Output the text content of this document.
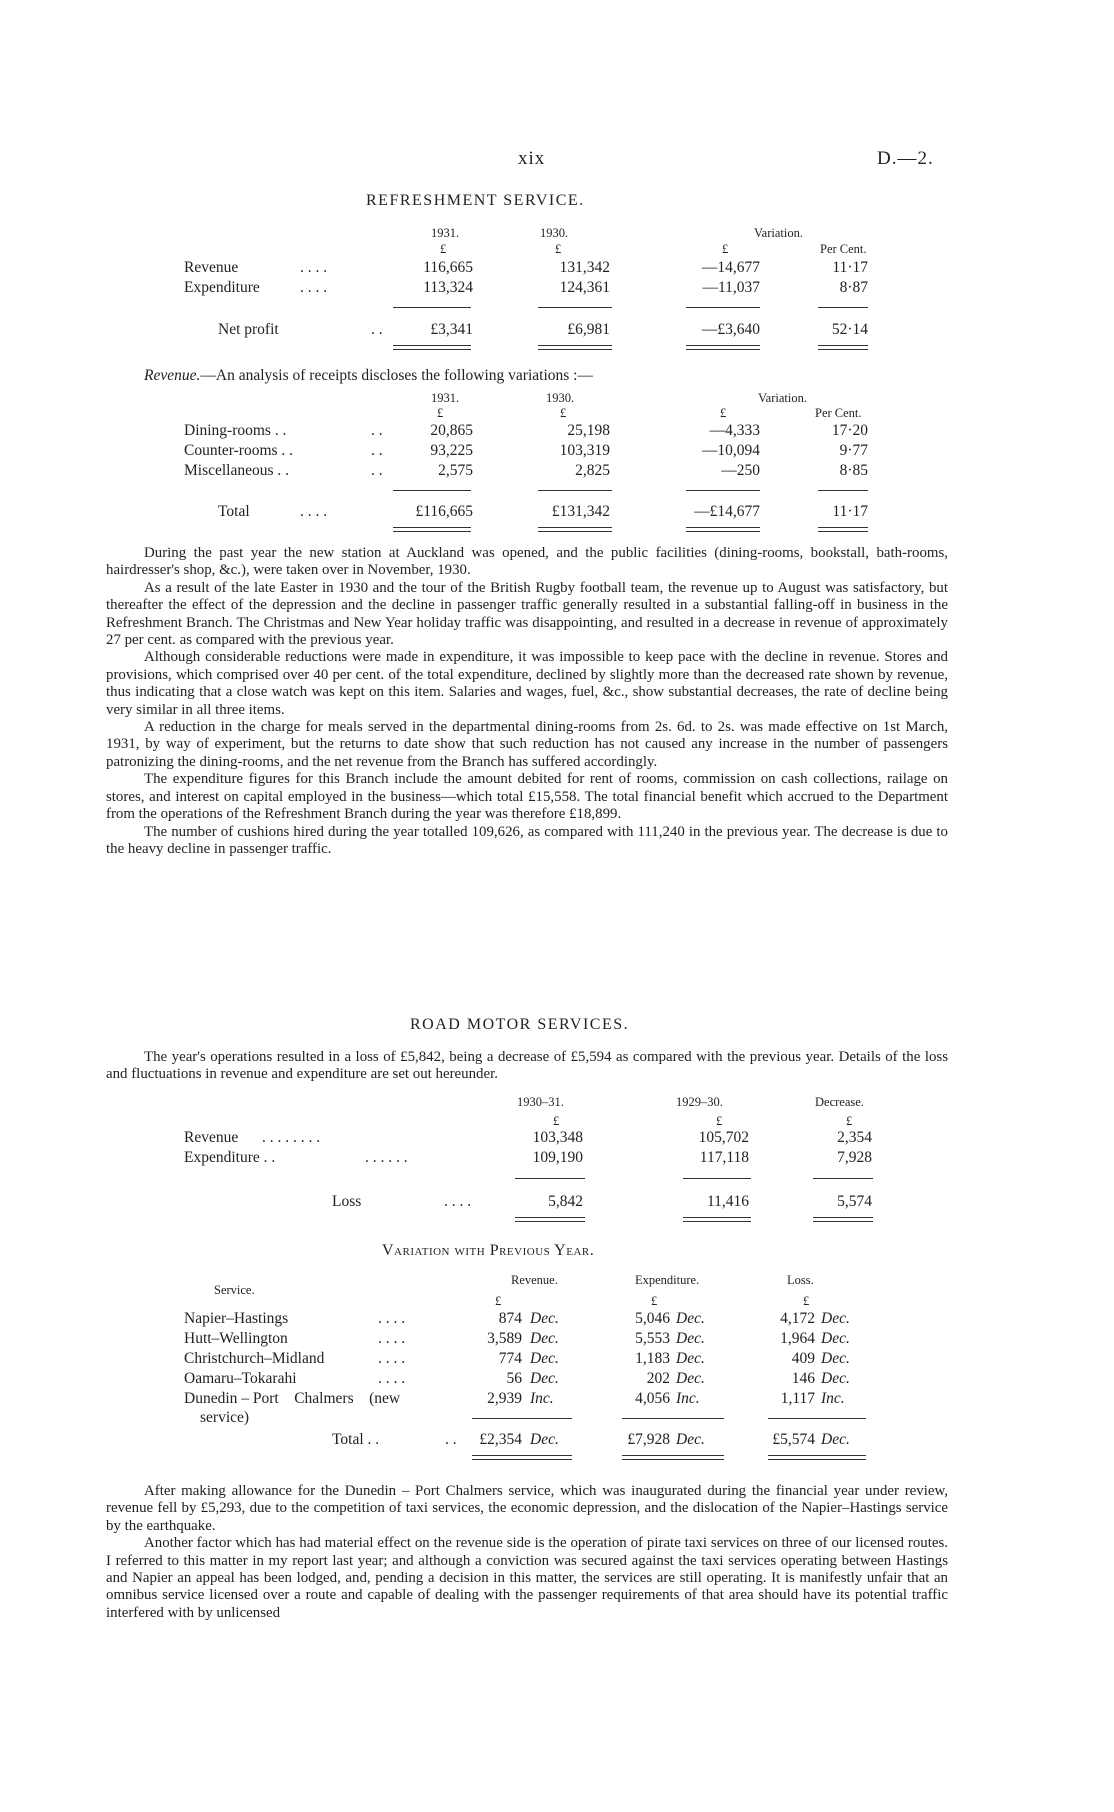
xix	D.—2.
REFRESHMENT SERVICE.
1931.	1930.	Variation.
£	£	£	Per Cent.
Revenue	. . . .	116,665	131,342	—14,677	11·17
Expenditure	. . . .	113,324	124,361	—11,037	8·87
Net profit	. .	£3,341	£6,981	—£3,640	52·14
Revenue.—An analysis of receipts discloses the following variations :—
1931.	1930.	Variation.
£	£	£	Per Cent.
Dining-rooms . .	. .	20,865	25,198	—4,333	17·20
Counter-rooms . .	. .	93,225	103,319	—10,094	9·77
Miscellaneous . .	. .	2,575	2,825	—250	8·85
Total	. . . .	£116,665	£131,342	—£14,677	11·17

During the past year the new station at Auckland was opened, and the public facilities (dining-rooms, bookstall, bath-rooms, hairdresser's shop, &c.), were taken over in November, 1930.

As a result of the late Easter in 1930 and the tour of the British Rugby football team, the revenue up to August was satisfactory, but thereafter the effect of the depression and the decline in passenger traffic generally resulted in a substantial falling-off in business in the Refreshment Branch. The Christmas and New Year holiday traffic was disappointing, and resulted in a decrease in revenue of approximately 27 per cent. as compared with the previous year.

Although considerable reductions were made in expenditure, it was impossible to keep pace with the decline in revenue. Stores and provisions, which comprised over 40 per cent. of the total expenditure, declined by slightly more than the decreased rate shown by revenue, thus indicating that a close watch was kept on this item. Salaries and wages, fuel, &c., show substantial decreases, the rate of decline being very similar in all three items.

A reduction in the charge for meals served in the departmental dining-rooms from 2s. 6d. to 2s. was made effective on 1st March, 1931, by way of experiment, but the returns to date show that such reduction has not caused any increase in the number of passengers patronizing the dining-rooms, and the net revenue from the Branch has suffered accordingly.

The expenditure figures for this Branch include the amount debited for rent of rooms, commission on cash collections, railage on stores, and interest on capital employed in the business—which total £15,558. The total financial benefit which accrued to the Department from the operations of the Refreshment Branch during the year was therefore £18,899.

The number of cushions hired during the year totalled 109,626, as compared with 111,240 in the previous year. The decrease is due to the heavy decline in passenger traffic.

ROAD MOTOR SERVICES.

The year's operations resulted in a loss of £5,842, being a decrease of £5,594 as compared with the previous year. Details of the loss and fluctuations in revenue and expenditure are set out hereunder.

1930–31.	1929–30.	Decrease.
£	£	£
Revenue . . . . . . . .	103,348	105,702	2,354
Expenditure . .	. . . . . .	109,190	117,118	7,928
Loss	. . . .	5,842	11,416	5,574
Variation with Previous Year.
Service.
Revenue.	Expenditure.	Loss.
£	£	£
Napier–Hastings	. . . .	874 Dec.	5,046 Dec.	4,172 Dec.
Hutt–Wellington	. . . .	3,589 Dec.	5,553 Dec.	1,964 Dec.
Christchurch–Midland	. . . .	774 Dec.	1,183 Dec.	409 Dec.
Oamaru–Tokarahi	. . . .	56 Dec.	202 Dec.	146 Dec.
Dunedin – Port    Chalmers    (new
service)
2,939 Inc.	4,056 Inc.	1,117 Inc.
Total . .	. .	£2,354 Dec.	£7,928 Dec.	£5,574 Dec.

After making allowance for the Dunedin – Port Chalmers service, which was inaugurated during the financial year under review, revenue fell by £5,293, due to the competition of taxi services, the economic depression, and the dislocation of the Napier–Hastings service by the earthquake.

Another factor which has had material effect on the revenue side is the operation of pirate taxi services on three of our licensed routes. I referred to this matter in my report last year; and although a conviction was secured against the taxi services operating between Hastings and Napier an appeal has been lodged, and, pending a decision in this matter, the services are still operating. It is manifestly unfair that an omnibus service licensed over a route and capable of dealing with the passenger requirements of that area should have its potential traffic interfered with by unlicensed
